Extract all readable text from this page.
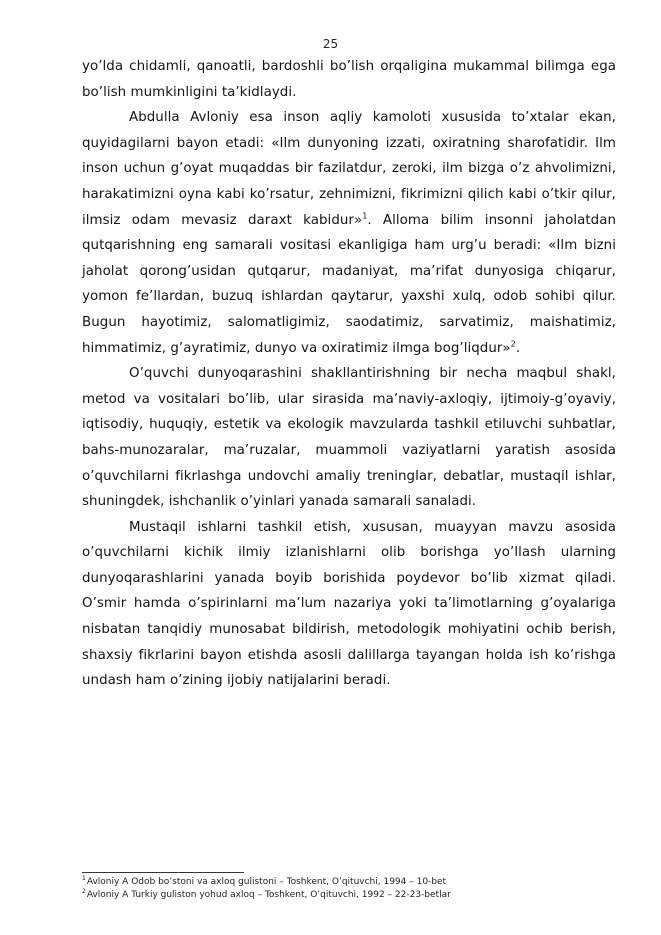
25

yo’lda chidamli, qanoatli, bardoshli bo’lish orqaligina mukammal bilimga ega bo’lish mumkinligini ta’kidlaydi.

Abdulla Avloniy esa inson aqliy kamoloti xususida to’xtalar ekan, quyidagilarni bayon etadi: «Ilm dunyoning izzati, oxiratning sharofatidir. Ilm inson uchun g’oyat muqaddas bir fazilatdur, zeroki, ilm bizga o’z ahvolimizni, harakatimizni oyna kabi ko’rsatur, zehnimizni, fikrimizni qilich kabi o’tkir qilur, ilmsiz odam mevasiz daraxt kabidur»$^1$. Alloma bilim insonni jaholatdan qutqarishning eng samarali vositasi ekanligiga ham urg’u beradi: «Ilm bizni jaholat qorong’usidan qutqarur, madaniyat, ma’rifat dunyosiga chiqarur, yomon fe’llardan, buzuq ishlardan qaytarur, yaxshi xulq, odob sohibi qilur. Bugun hayotimiz, salomatligimiz, saodatimiz, sarvatimiz, maishatimiz, himmatimiz, g’ayratimiz, dunyo va oxiratimiz ilmga bog’liqdur»$^2$.

O’quvchi dunyoqarashini shakllantirishning bir necha maqbul shakl, metod va vositalari bo’lib, ular sirasida ma’naviy-axloqiy, ijtimoiy-g’oyaviy, iqtisodiy, huquqiy, estetik va ekologik mavzularda tashkil etiluvchi suhbatlar, bahs-munozaralar, ma’ruzalar, muammoli vaziyatlarni yaratish asosida o’quvchilarni fikrlashga undovchi amaliy treninglar, debatlar, mustaqil ishlar, shuningdek, ishchanlik o’yinlari yanada samarali sanaladi.

Mustaqil ishlarni tashkil etish, xususan, muayyan mavzu asosida o’quvchilarni kichik ilmiy izlanishlarni olib borishga yo’llash ularning dunyoqarashlarini yanada boyib borishida poydevor bo’lib xizmat qiladi. O’smir hamda o’spirinlarni ma’lum nazariya yoki ta’limotlarning g’oyalariga nisbatan tanqidiy munosabat bildirish, metodologik mohiyatini ochib berish, shaxsiy fikrlarini bayon etishda asosli dalillarga tayangan holda ish ko’rishga undash ham o’zining ijobiy natijalarini beradi.

$^1$Avloniy A Odob bo’stoni va axloq gulistoni – Toshkent, O’qituvchi, 1994 – 10-bet
$^2$Avloniy A Turkiy guliston yohud axloq – Toshkent, O’qituvchi, 1992 – 22-23-betlar
